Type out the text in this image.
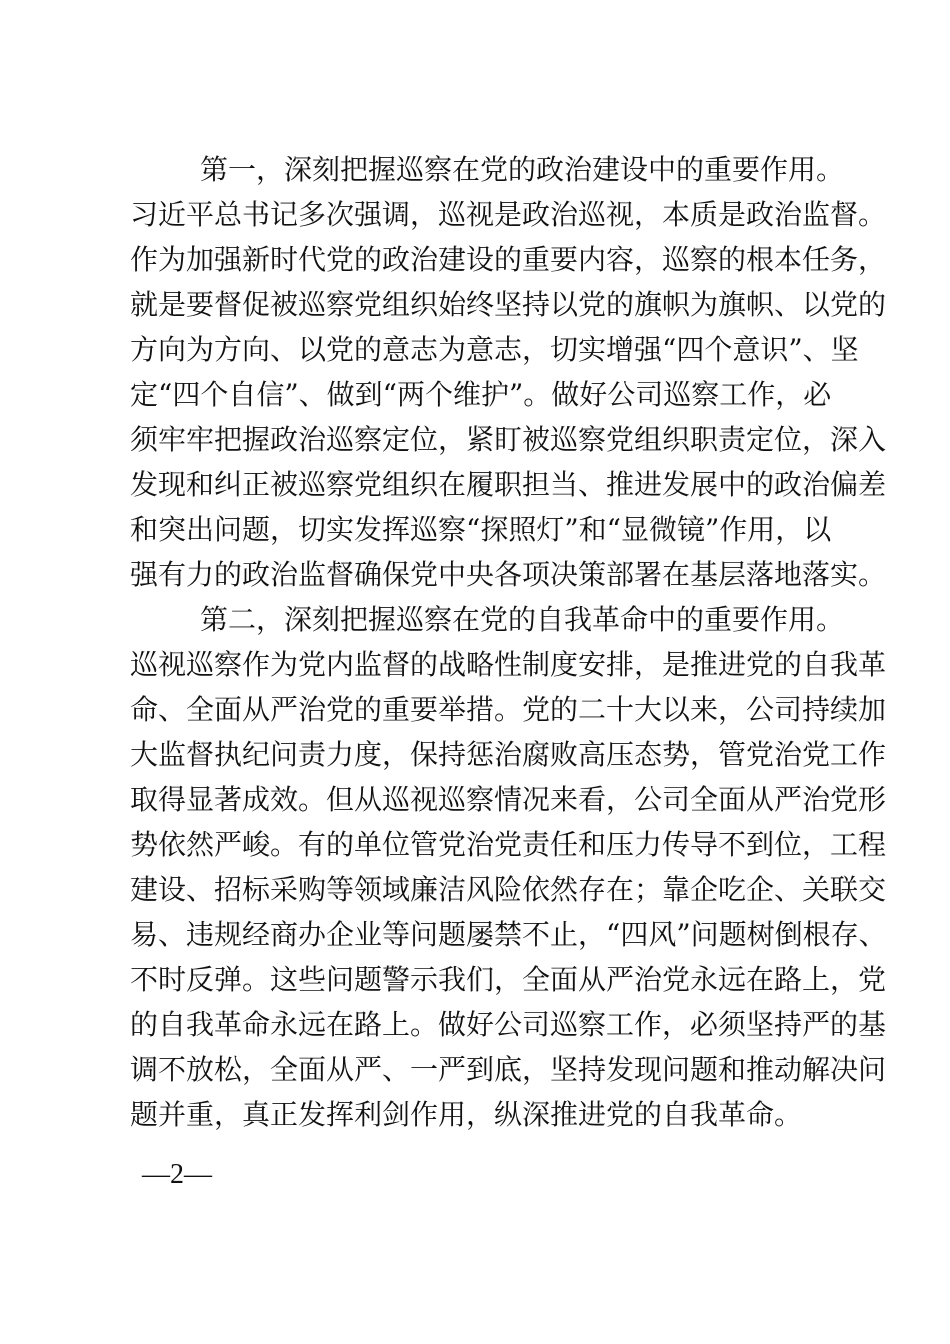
第一，深刻把握巡察在党的政治建设中的重要作用。
习近平总书记多次强调，巡视是政治巡视，本质是政治监督。
作为加强新时代党的政治建设的重要内容，巡察的根本任务，
就是要督促被巡察党组织始终坚持以党的旗帜为旗帜、以党的
方向为方向、以党的意志为意志，切实增强“四个意识”、坚
定“四个自信”、做到“两个维护”。做好公司巡察工作，必
须牢牢把握政治巡察定位，紧盯被巡察党组织职责定位，深入
发现和纠正被巡察党组织在履职担当、推进发展中的政治偏差
和突出问题，切实发挥巡察“探照灯”和“显微镜”作用，以
强有力的政治监督确保党中央各项决策部署在基层落地落实。
第二，深刻把握巡察在党的自我革命中的重要作用。
巡视巡察作为党内监督的战略性制度安排，是推进党的自我革
命、全面从严治党的重要举措。党的二十大以来，公司持续加
大监督执纪问责力度，保持惩治腐败高压态势，管党治党工作
取得显著成效。但从巡视巡察情况来看，公司全面从严治党形
势依然严峻。有的单位管党治党责任和压力传导不到位，工程
建设、招标采购等领域廉洁风险依然存在；靠企吃企、关联交
易、违规经商办企业等问题屡禁不止，“四风”问题树倒根存、
不时反弹。这些问题警示我们，全面从严治党永远在路上，党
的自我革命永远在路上。做好公司巡察工作，必须坚持严的基
调不放松，全面从严、一严到底，坚持发现问题和推动解决问
题并重，真正发挥利剑作用，纵深推进党的自我革命。
—2—
